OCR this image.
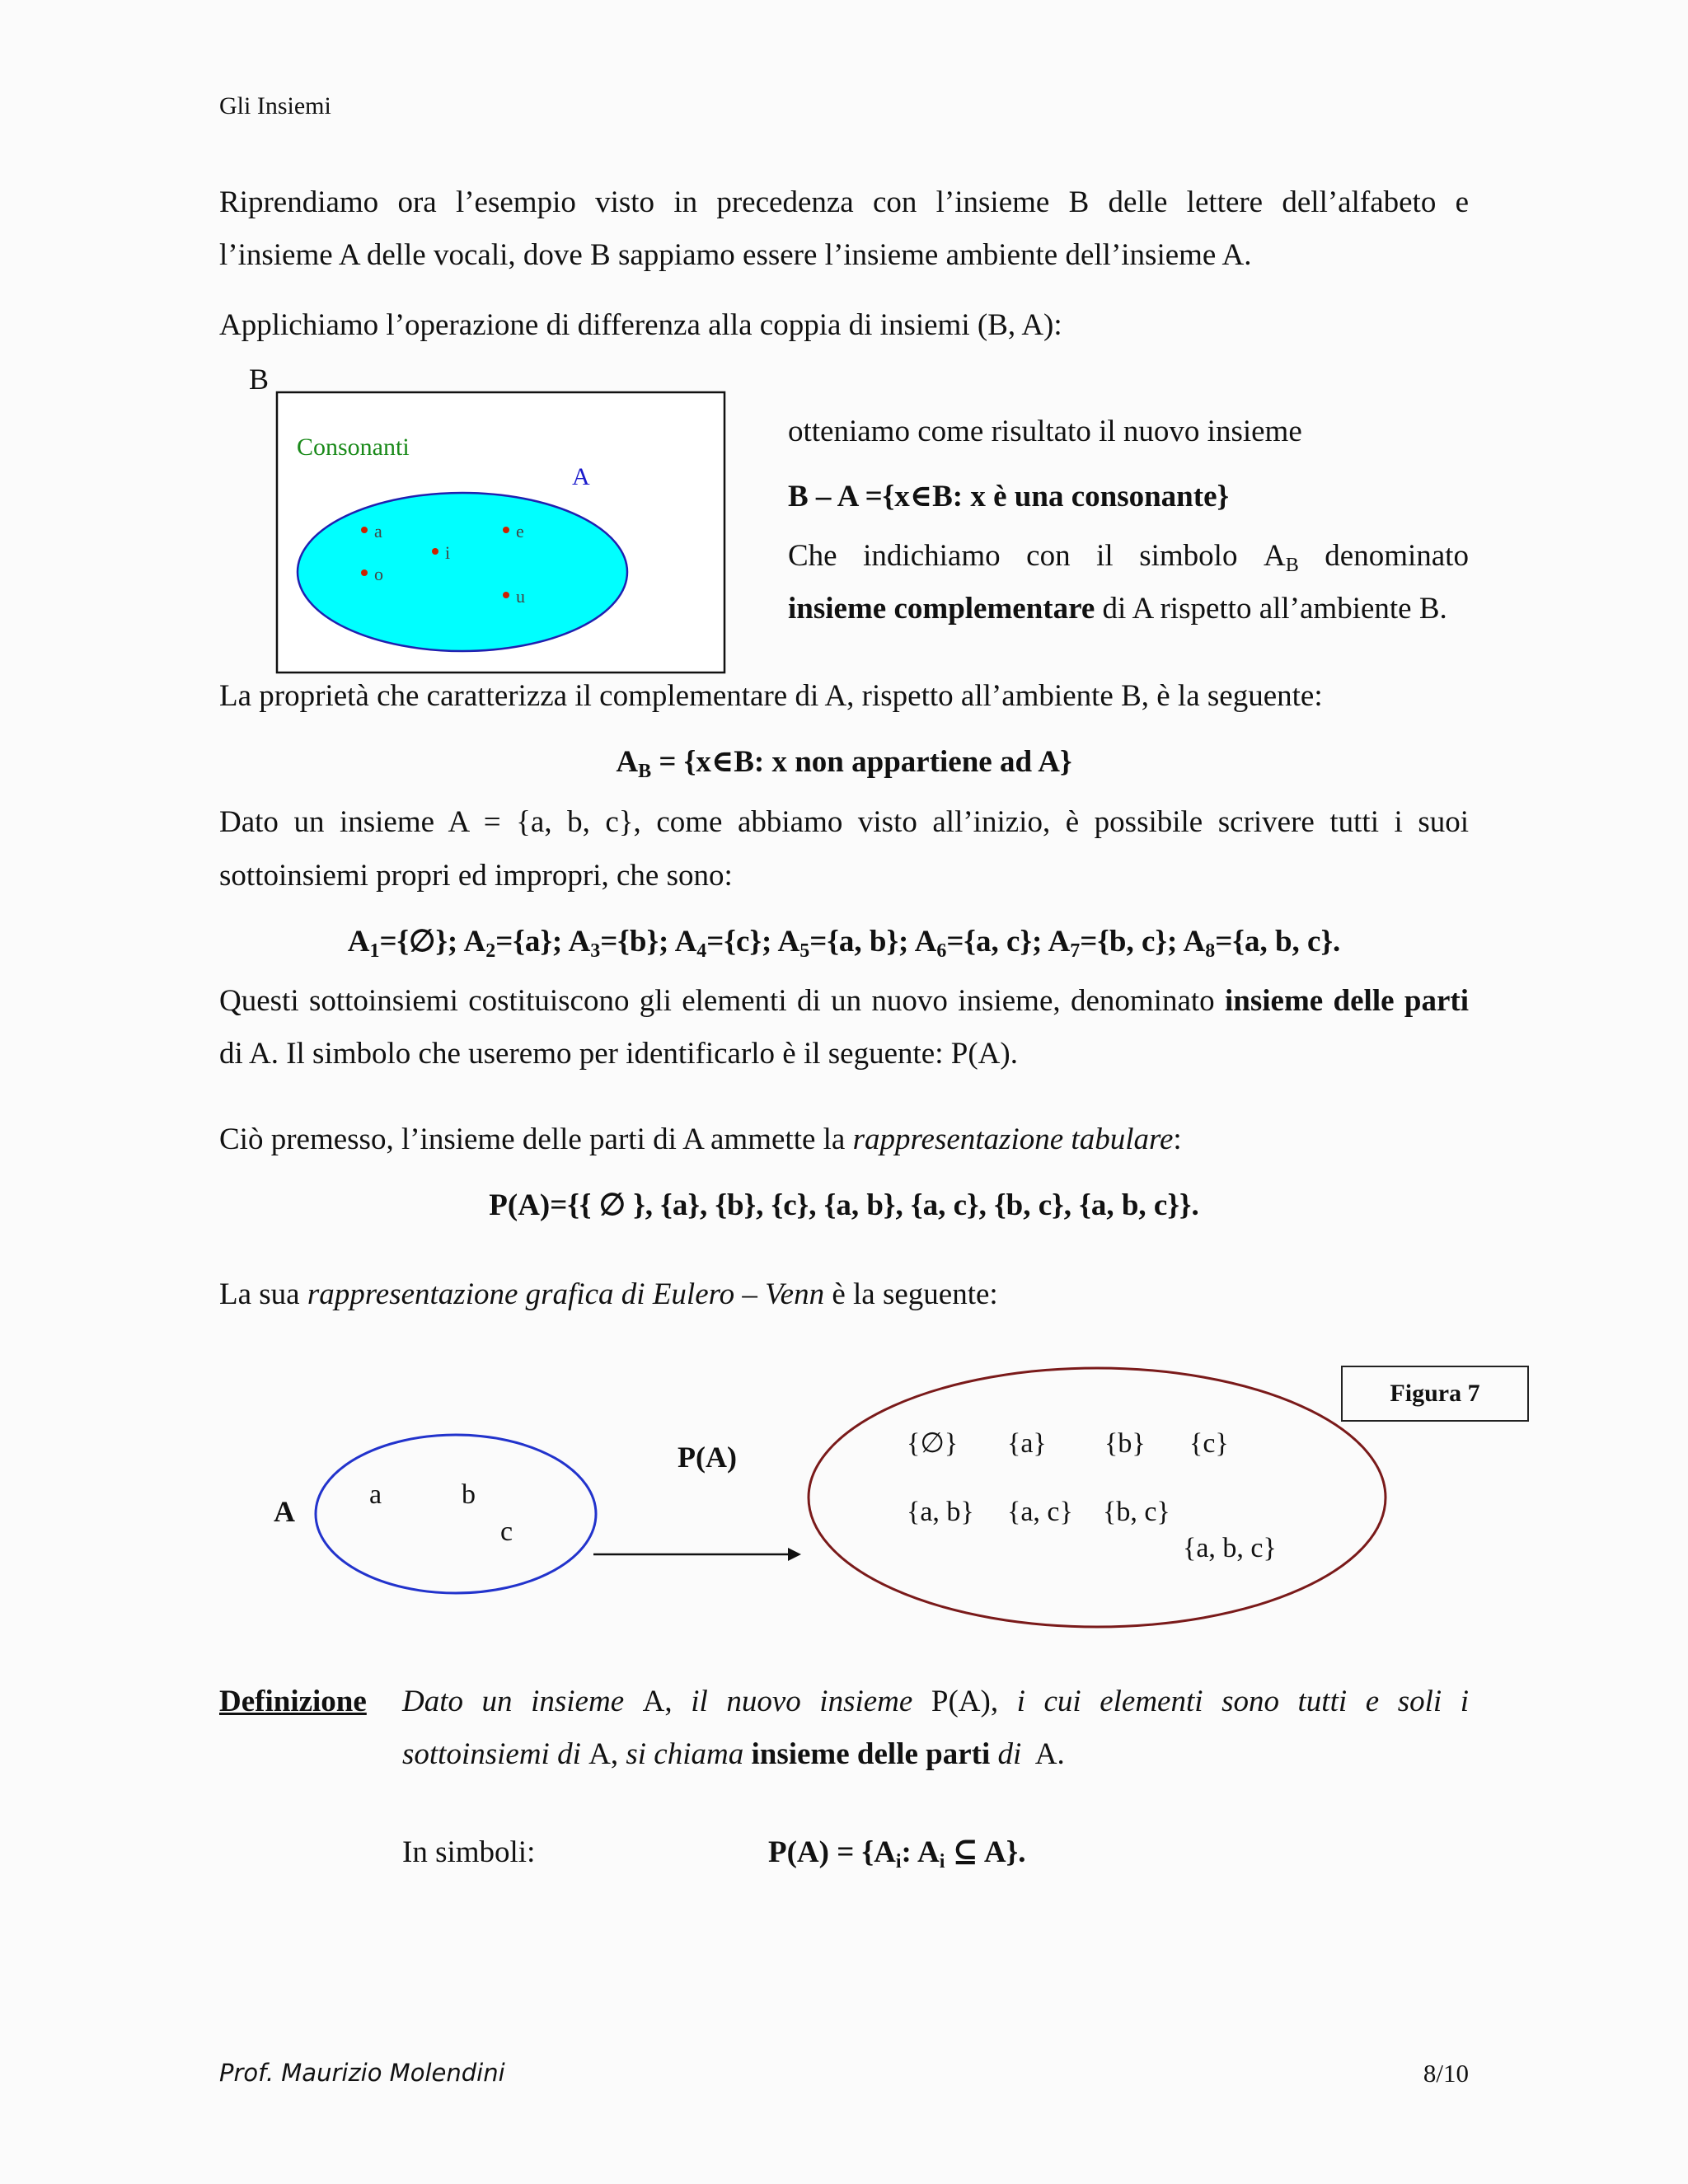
Gli Insiemi
Riprendiamo ora l’esempio visto in precedenza con l’insieme B delle lettere dell’alfabeto e
l’insieme A delle vocali, dove B sappiamo essere l’insieme ambiente dell’insieme A.
Applichiamo l’operazione di differenza alla coppia di insiemi (B, A):
B
Consonanti
A
a
i
e
o
u
otteniamo come risultato il nuovo insieme
B – A ={x∈B: x è una consonante}
Che indichiamo con il simbolo $A_B$ denominato
insieme complementare di A rispetto all’ambiente B.
La proprietà che caratterizza il complementare di A, rispetto all’ambiente B, è la seguente:
$A_B$ = {x∈B: x non appartiene ad A}
Dato un insieme A = {a, b, c}, come abbiamo visto all’inizio, è possibile scrivere tutti i suoi
sottoinsiemi propri ed impropri, che sono:
$A_1=\{\emptyset\}$; $A_2=\{a\}$; $A_3=\{b\}$; $A_4=\{c\}$; $A_5=\{a$, b}; $A_6=\{a$, c}; $A_7=\{b$, c}; $A_8=\{a$, b, c}.
Questi sottoinsiemi costituiscono gli elementi di un nuovo insieme, denominato insieme delle parti
di A. Il simbolo che useremo per identificarlo è il seguente: P(A).
Ciò premesso, l’insieme delle parti di A ammette la rappresentazione tabulare:
P(A)={{ ∅ }, {a}, {b}, {c}, {a, b}, {a, c}, {b, c}, {a, b, c}}.
La sua rappresentazione grafica di Eulero – Venn è la seguente:
Figura 7
A
a	b
c
P(A)	{∅} {a} {b} {c}
{a, b} {a, c} {b, c}
{a, b, c}
Definizione Dato un insieme A, il nuovo insieme P(A), i cui elementi sono tutti e soli i
sottoinsiemi di A, si chiama insieme delle parti di  A.
In simboli:	$P(A) = \{A_i$: $A_i$ ⊆ A}.
Prof. Maurizio Molendini	8/10
